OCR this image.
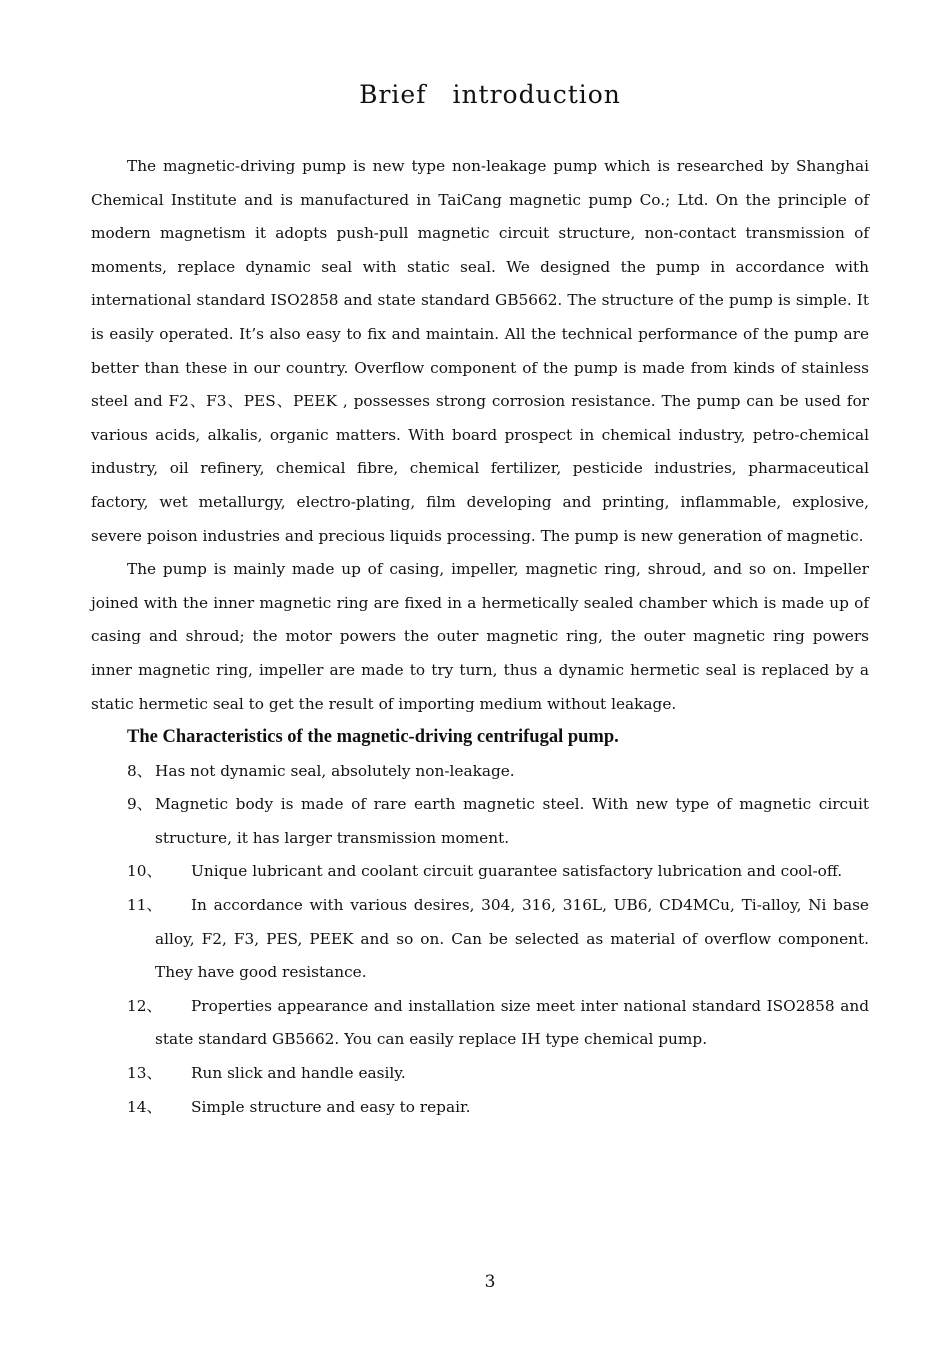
Brief introduction

The magnetic-driving pump is new type non-leakage pump which is researched by Shanghai Chemical Institute and is manufactured in TaiCang magnetic pump Co.; Ltd. On the principle of modern magnetism it adopts push-pull magnetic circuit structure, non-contact transmission of moments, replace dynamic seal with static seal. We designed the pump in accordance with international standard ISO2858 and state standard GB5662. The structure of the pump is simple. It is easily operated. It’s also easy to fix and maintain. All the technical performance of the pump are better than these in our country. Overflow component of the pump is made from kinds of stainless steel and F2、F3、PES、PEEK , possesses strong corrosion resistance. The pump can be used for various acids, alkalis, organic matters. With board prospect in chemical industry, petro-chemical industry, oil refinery, chemical fibre, chemical fertilizer, pesticide industries, pharmaceutical factory, wet metallurgy, electro-plating, film developing and printing, inflammable, explosive, severe poison industries and precious liquids processing. The pump is new generation of magnetic.

The pump is mainly made up of casing, impeller, magnetic ring, shroud, and so on. Impeller joined with the inner magnetic ring are fixed in a hermetically sealed chamber which is made up of casing and shroud; the motor powers the outer magnetic ring, the outer magnetic ring powers inner magnetic ring, impeller are made to try turn, thus a dynamic hermetic seal is replaced by a static hermetic seal to get the result of importing medium without leakage.

The Characteristics of the magnetic-driving centrifugal pump.

8、 Has not dynamic seal, absolutely non-leakage.
9、 Magnetic body is made of rare earth magnetic steel. With new type of magnetic circuit structure, it has larger transmission moment.
10、 Unique lubricant and coolant circuit guarantee satisfactory lubrication and cool-off.
11、 In accordance with various desires, 304, 316, 316L, UB6, CD4MCu, Ti-alloy, Ni base alloy, F2, F3, PES, PEEK and so on. Can be selected as material of overflow component. They have good resistance.
12、 Properties appearance and installation size meet inter national standard ISO2858 and state standard GB5662. You can easily replace IH type chemical pump.
13、 Run slick and handle easily.
14、 Simple structure and easy to repair.
3
